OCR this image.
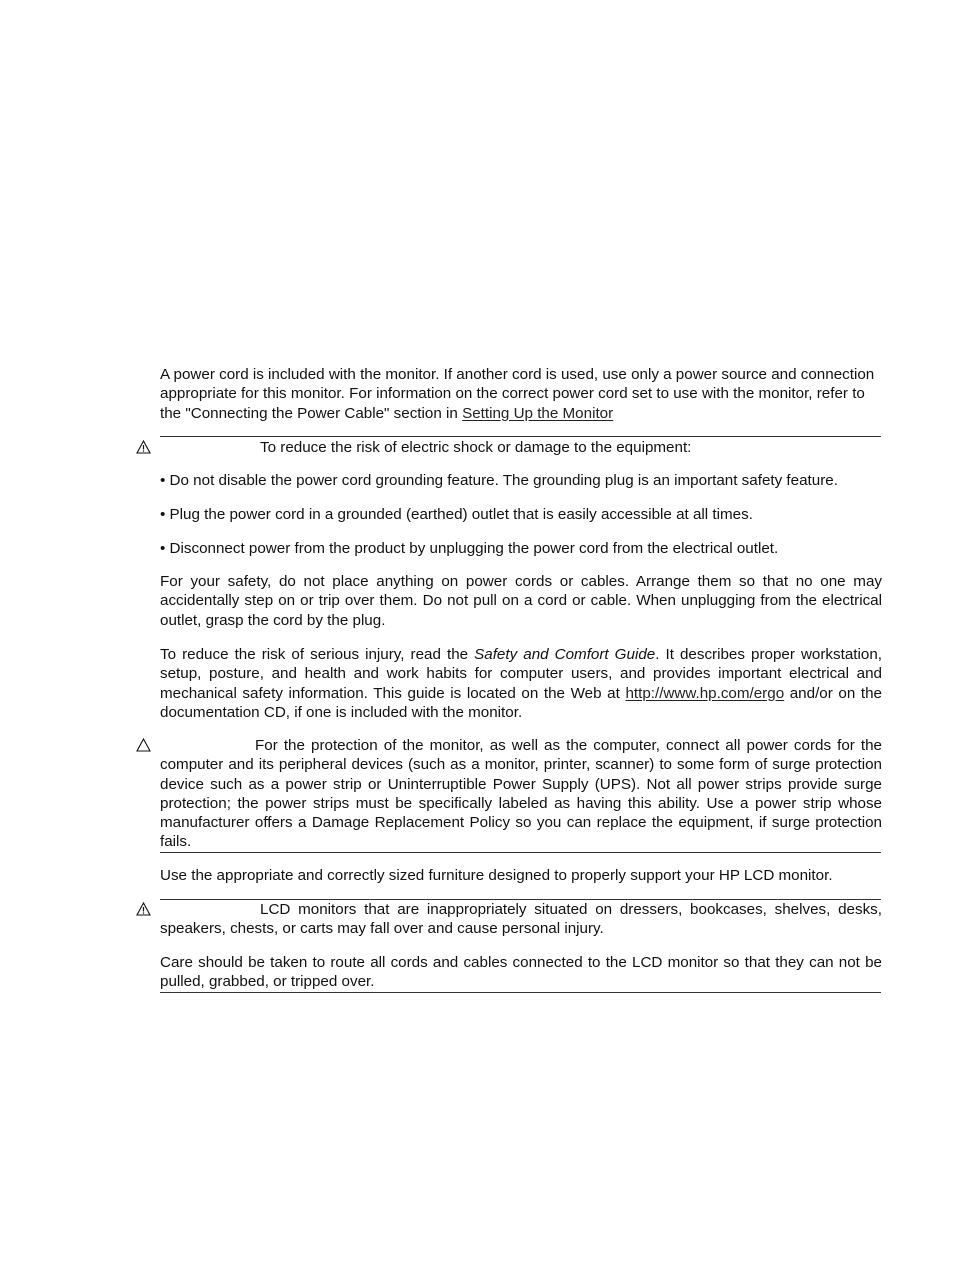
A power cord is included with the monitor. If another cord is used, use only a power source and connection appropriate for this monitor. For information on the correct power cord set to use with the monitor, refer to the "Connecting the Power Cable" section in Setting Up the Monitor

To reduce the risk of electric shock or damage to the equipment:

• Do not disable the power cord grounding feature. The grounding plug is an important safety feature.

• Plug the power cord in a grounded (earthed) outlet that is easily accessible at all times.

• Disconnect power from the product by unplugging the power cord from the electrical outlet.

For your safety, do not place anything on power cords or cables. Arrange them so that no one may accidentally step on or trip over them. Do not pull on a cord or cable. When unplugging from the electrical outlet, grasp the cord by the plug.

To reduce the risk of serious injury, read the Safety and Comfort Guide. It describes proper workstation, setup, posture, and health and work habits for computer users, and provides important electrical and mechanical safety information. This guide is located on the Web at http://www.hp.com/ergo and/or on the documentation CD, if one is included with the monitor.

For the protection of the monitor, as well as the computer, connect all power cords for the computer and its peripheral devices (such as a monitor, printer, scanner) to some form of surge protection device such as a power strip or Uninterruptible Power Supply (UPS). Not all power strips provide surge protection; the power strips must be specifically labeled as having this ability. Use a power strip whose manufacturer offers a Damage Replacement Policy so you can replace the equipment, if surge protection fails.

Use the appropriate and correctly sized furniture designed to properly support your HP LCD monitor.

LCD monitors that are inappropriately situated on dressers, bookcases, shelves, desks, speakers, chests, or carts may fall over and cause personal injury.

Care should be taken to route all cords and cables connected to the LCD monitor so that they can not be pulled, grabbed, or tripped over.
